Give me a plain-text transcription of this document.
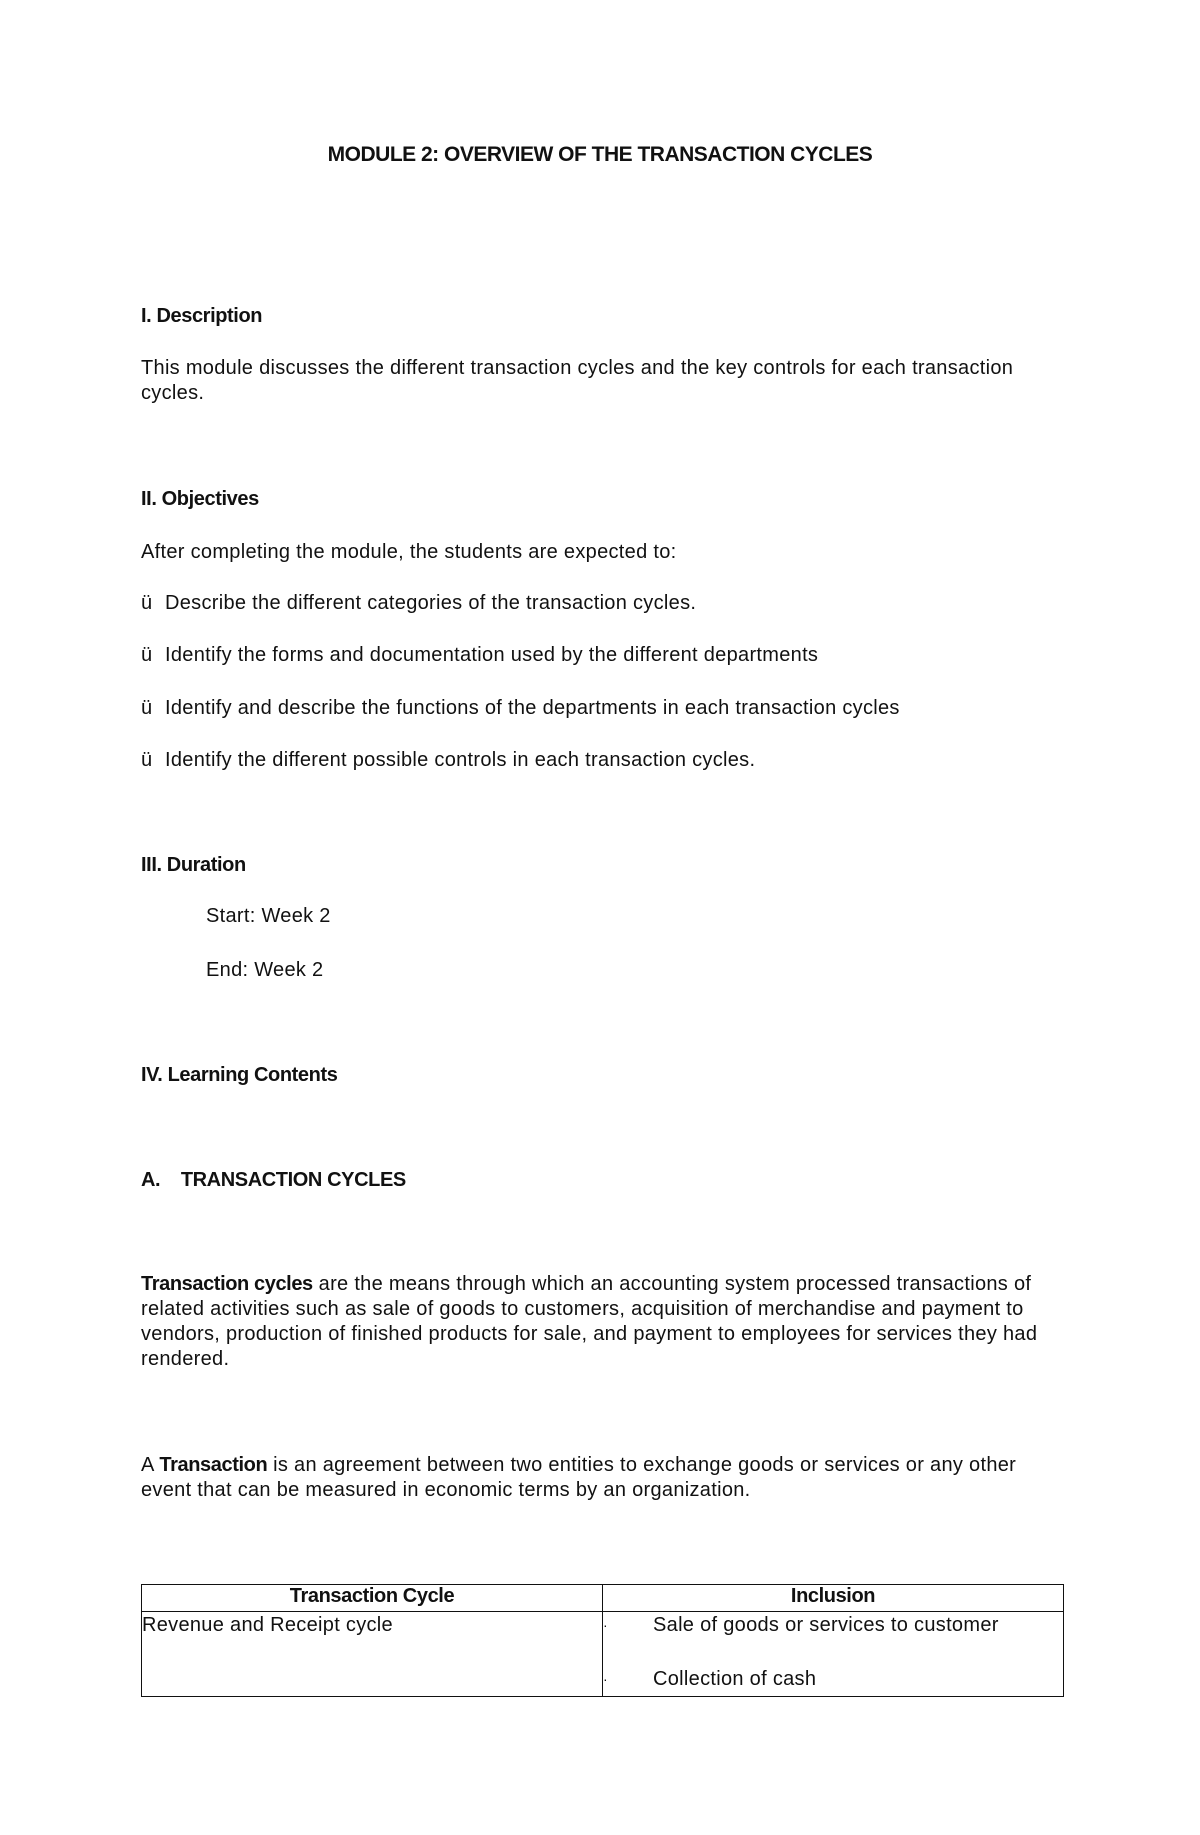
MODULE 2: OVERVIEW OF THE TRANSACTION CYCLES
I. Description
This module discusses the different transaction cycles and the key controls for each transaction cycles.
II. Objectives
After completing the module, the students are expected to:
ü Describe the different categories of the transaction cycles.
ü Identify the forms and documentation used by the different departments
ü Identify and describe the functions of the departments in each transaction cycles
ü Identify the different possible controls in each transaction cycles.
III. Duration
Start: Week 2
End: Week 2
IV. Learning Contents
A.    TRANSACTION CYCLES
Transaction cycles are the means through which an accounting system processed transactions of related activities such as sale of goods to customers, acquisition of merchandise and payment to vendors, production of finished products for sale, and payment to employees for services they had rendered.
A Transaction is an agreement between two entities to exchange goods or services or any other event that can be measured in economic terms by an organization.
Transaction Cycle	Inclusion
Revenue and Receipt cycle	· Sale of goods or services to customer
· Collection of cash
